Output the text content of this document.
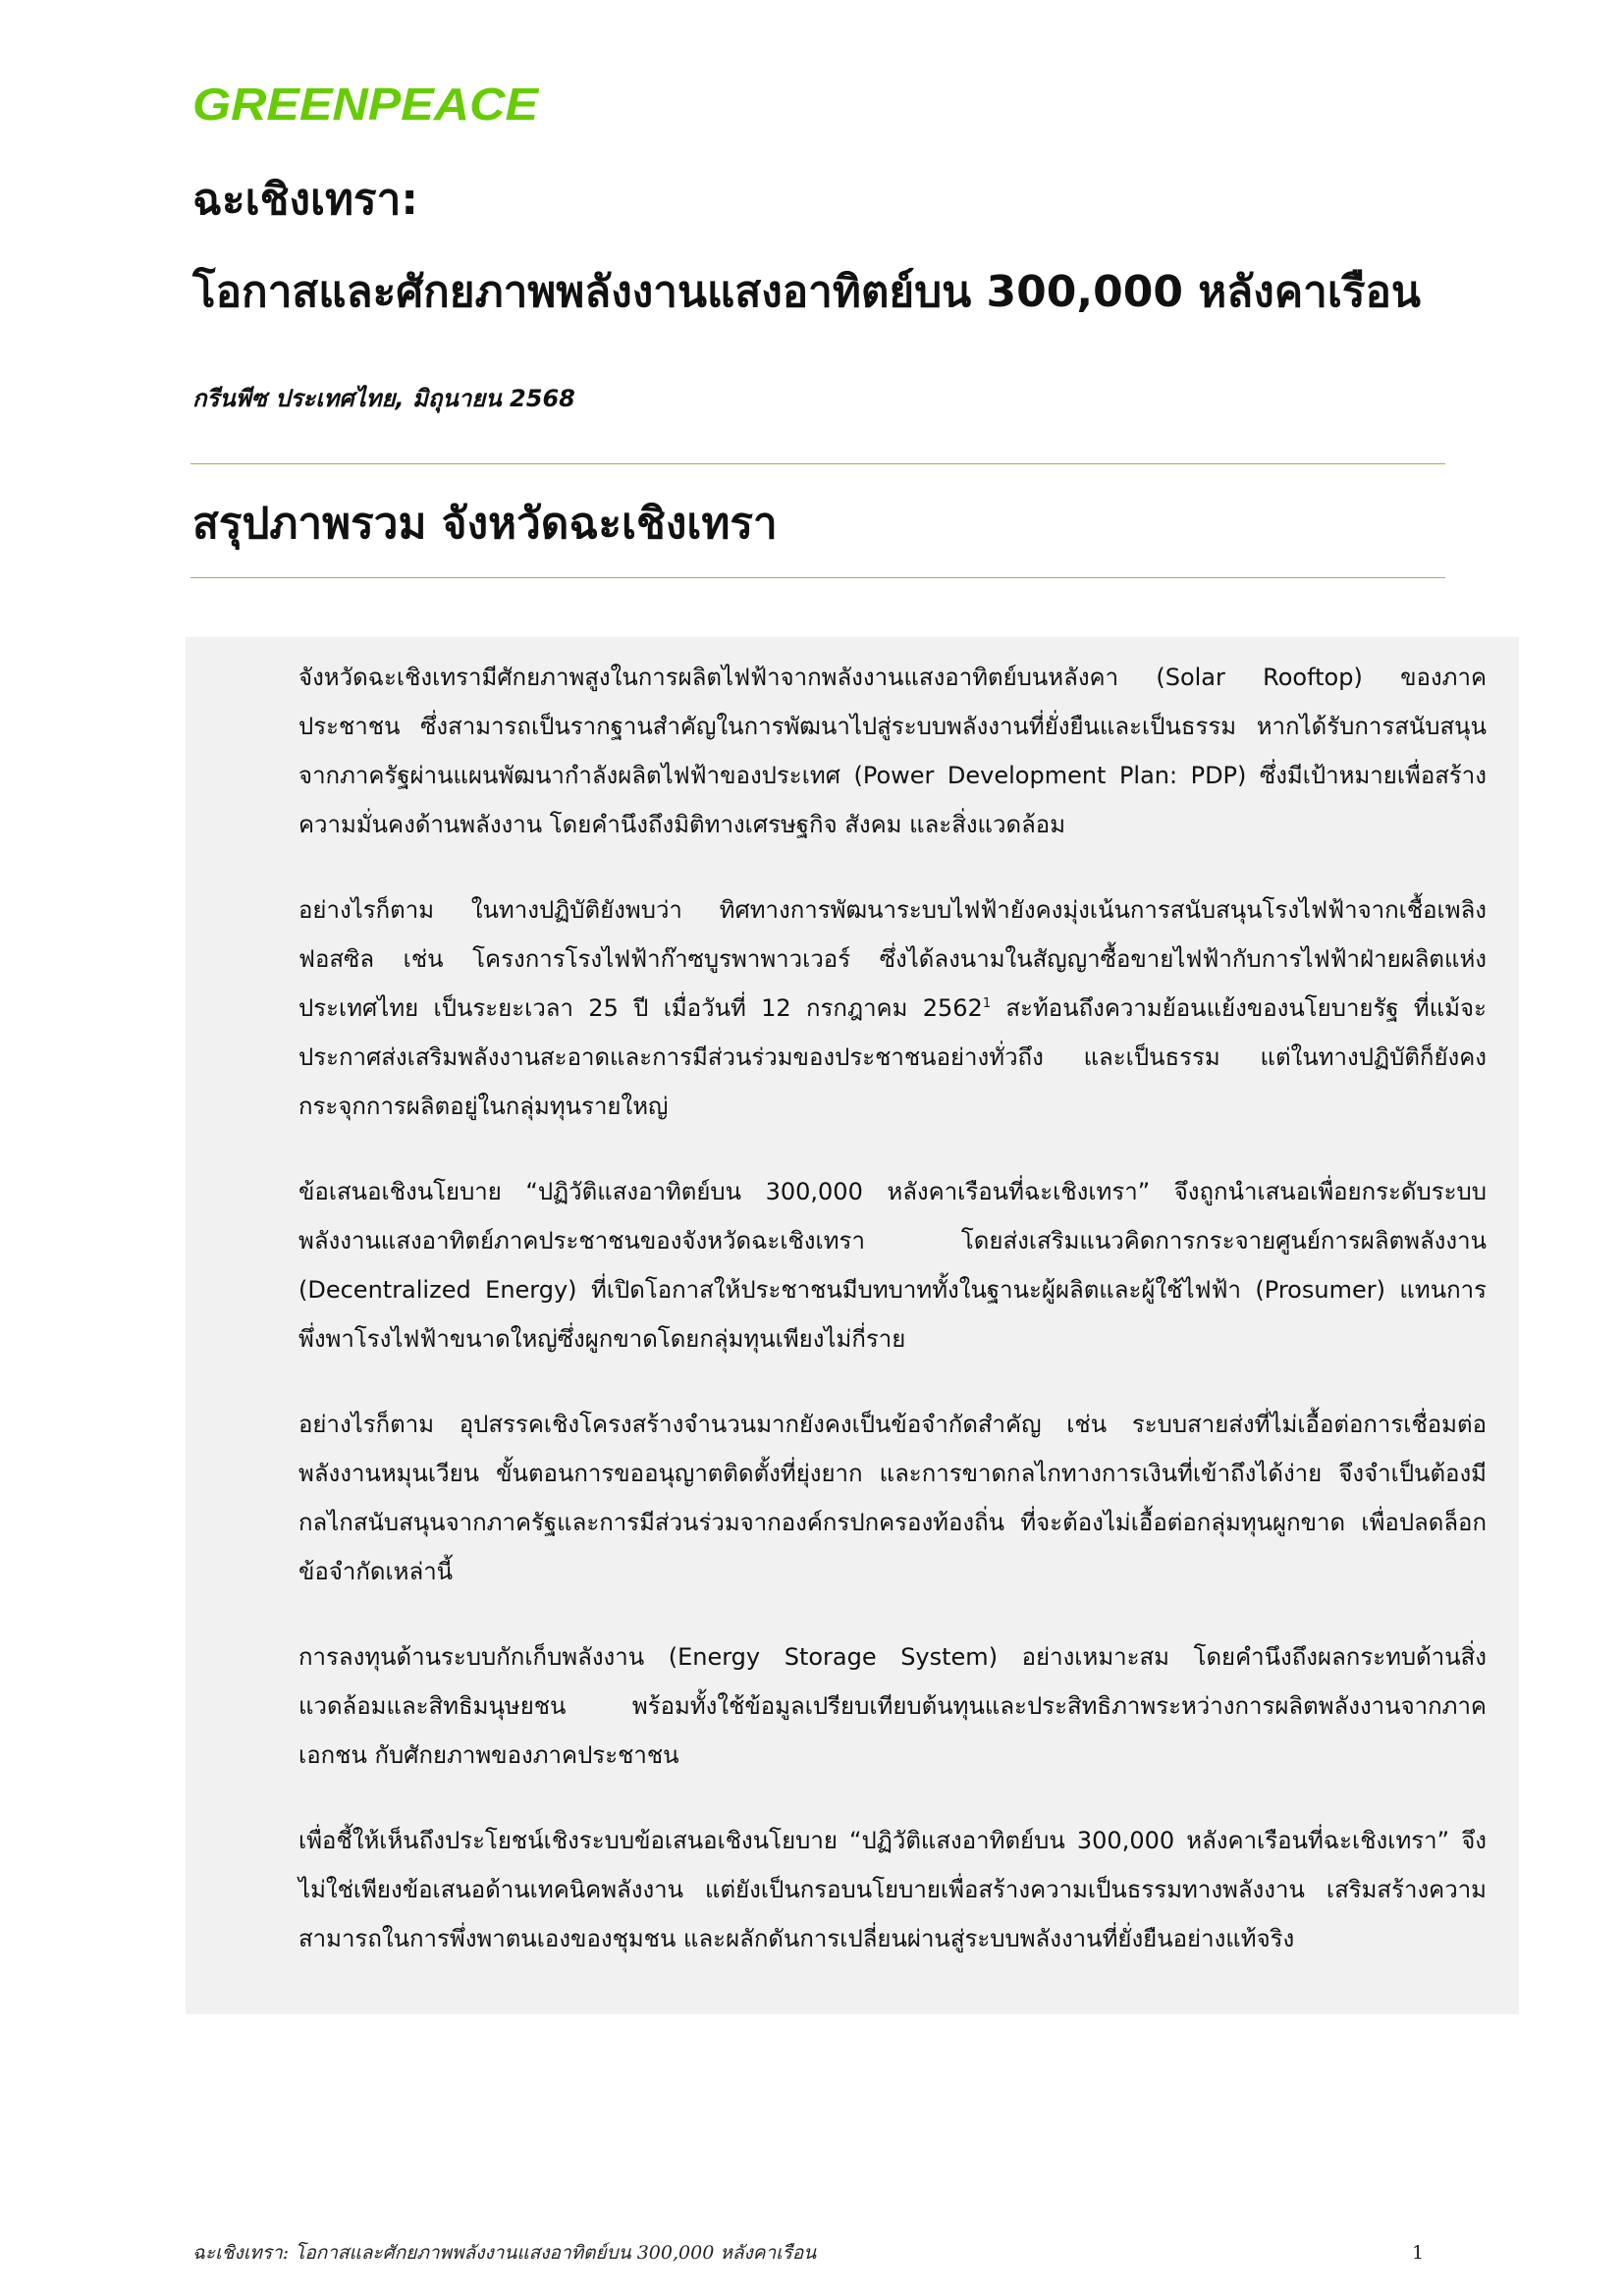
GREENPEACE
ฉะเชิงเทรา:
โอกาสและศักยภาพพลังงานแสงอาทิตย์บน 300,000 หลังคาเรือน
กรีนพีซ ประเทศไทย, มิถุนายน 2568
สรุปภาพรวม จังหวัดฉะเชิงเทรา

จังหวัดฉะเชิงเทรามีศักยภาพสูงในการผลิตไฟฟ้าจากพลังงานแสงอาทิตย์บนหลังคา (Solar Rooftop) ของภาคประชาชน ซึ่งสามารถเป็นรากฐานสำคัญในการพัฒนาไปสู่ระบบพลังงานที่ยั่งยืนและเป็นธรรม หากได้รับการสนับสนุนจากภาครัฐผ่านแผนพัฒนากำลังผลิตไฟฟ้าของประเทศ (Power Development Plan: PDP) ซึ่งมีเป้าหมายเพื่อสร้างความมั่นคงด้านพลังงาน โดยคำนึงถึงมิติทางเศรษฐกิจ สังคม และสิ่งแวดล้อม

อย่างไรก็ตาม ในทางปฏิบัติยังพบว่า ทิศทางการพัฒนาระบบไฟฟ้ายังคงมุ่งเน้นการสนับสนุนโรงไฟฟ้าจากเชื้อเพลิงฟอสซิล เช่น โครงการโรงไฟฟ้าก๊าซบูรพาพาวเวอร์ ซึ่งได้ลงนามในสัญญาซื้อขายไฟฟ้ากับการไฟฟ้าฝ่ายผลิตแห่งประเทศไทย เป็นระยะเวลา 25 ปี เมื่อวันที่ 12 กรกฎาคม 2562$^1$ สะท้อนถึงความย้อนแย้งของนโยบายรัฐ ที่แม้จะประกาศส่งเสริมพลังงานสะอาดและการมีส่วนร่วมของประชาชนอย่างทั่วถึง และเป็นธรรม แต่ในทางปฏิบัติก็ยังคงกระจุกการผลิตอยู่ในกลุ่มทุนรายใหญ่

ข้อเสนอเชิงนโยบาย “ปฏิวัติแสงอาทิตย์บน 300,000 หลังคาเรือนที่ฉะเชิงเทรา” จึงถูกนำเสนอเพื่อยกระดับระบบพลังงานแสงอาทิตย์ภาคประชาชนของจังหวัดฉะเชิงเทรา โดยส่งเสริมแนวคิดการกระจายศูนย์การผลิตพลังงาน (Decentralized Energy) ที่เปิดโอกาสให้ประชาชนมีบทบาททั้งในฐานะผู้ผลิตและผู้ใช้ไฟฟ้า (Prosumer) แทนการพึ่งพาโรงไฟฟ้าขนาดใหญ่ซึ่งผูกขาดโดยกลุ่มทุนเพียงไม่กี่ราย

อย่างไรก็ตาม อุปสรรคเชิงโครงสร้างจำนวนมากยังคงเป็นข้อจำกัดสำคัญ เช่น ระบบสายส่งที่ไม่เอื้อต่อการเชื่อมต่อพลังงานหมุนเวียน ขั้นตอนการขออนุญาตติดตั้งที่ยุ่งยาก และการขาดกลไกทางการเงินที่เข้าถึงได้ง่าย จึงจำเป็นต้องมีกลไกสนับสนุนจากภาครัฐและการมีส่วนร่วมจากองค์กรปกครองท้องถิ่น ที่จะต้องไม่เอื้อต่อกลุ่มทุนผูกขาด เพื่อปลดล็อกข้อจำกัดเหล่านี้

การลงทุนด้านระบบกักเก็บพลังงาน (Energy Storage System) อย่างเหมาะสม โดยคำนึงถึงผลกระทบด้านสิ่งแวดล้อมและสิทธิมนุษยชน พร้อมทั้งใช้ข้อมูลเปรียบเทียบต้นทุนและประสิทธิภาพระหว่างการผลิตพลังงานจากภาคเอกชน กับศักยภาพของภาคประชาชน

เพื่อชี้ให้เห็นถึงประโยชน์เชิงระบบข้อเสนอเชิงนโยบาย “ปฏิวัติแสงอาทิตย์บน 300,000 หลังคาเรือนที่ฉะเชิงเทรา” จึงไม่ใช่เพียงข้อเสนอด้านเทคนิคพลังงาน แต่ยังเป็นกรอบนโยบายเพื่อสร้างความเป็นธรรมทางพลังงาน เสริมสร้างความสามารถในการพึ่งพาตนเองของชุมชน และผลักดันการเปลี่ยนผ่านสู่ระบบพลังงานที่ยั่งยืนอย่างแท้จริง

ฉะเชิงเทรา: โอกาสและศักยภาพพลังงานแสงอาทิตย์บน 300,000 หลังคาเรือน	1
